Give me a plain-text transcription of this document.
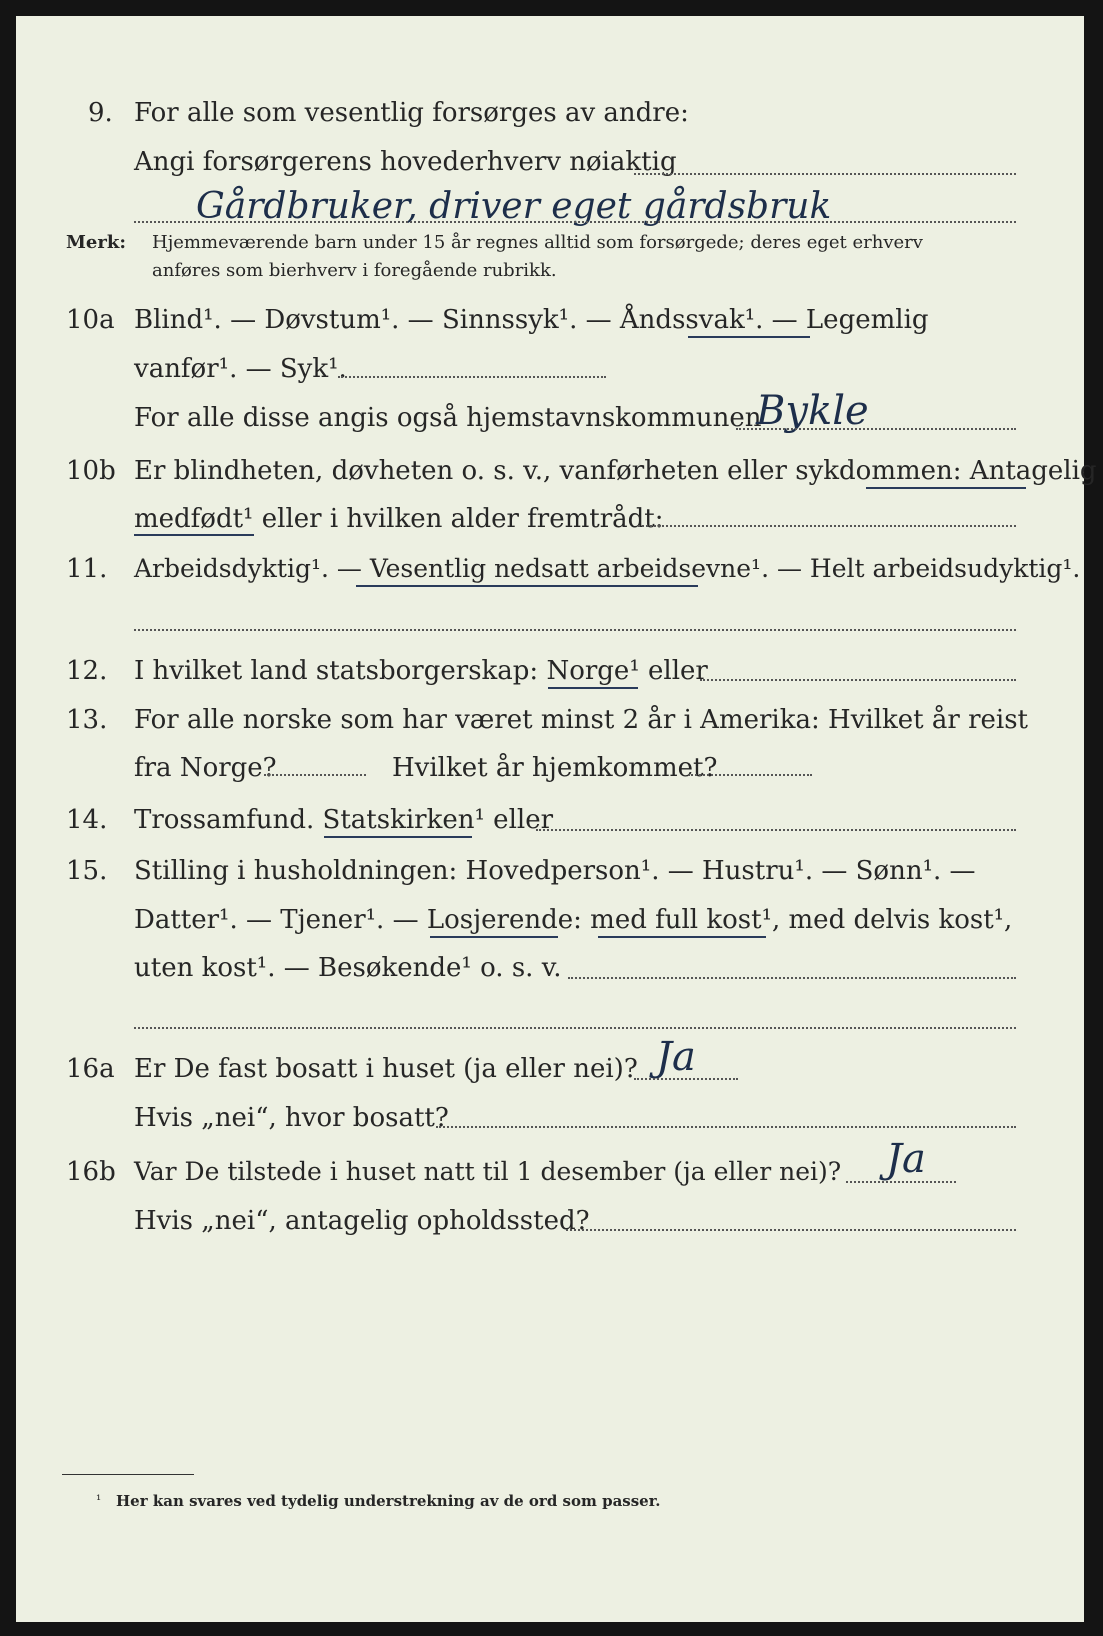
9. For alle som vesentlig forsørges av andre:
Angi forsørgerens hovederhverv nøiaktig
Gårdbruker, driver eget gårdsbruk
Merk: Hjemmeværende barn under 15 år regnes alltid som forsørgede; deres eget erhverv
anføres som bierhverv i foregående rubrikk.
10a Blind¹. — Døvstum¹. — Sinnssyk¹. — Åndssvak¹. — Legemlig
vanfør¹. — Syk¹.
For alle disse angis også hjemstavnskommunen
Bykle
10b Er blindheten, døvheten o. s. v., vanførheten eller sykdommen: Antagelig
medfødt¹ eller i hvilken alder fremtrådt:
11. Arbeidsdyktig¹. — Vesentlig nedsatt arbeidsevne¹. — Helt arbeidsudyktig¹.
12. I hvilket land statsborgerskap: Norge¹ eller
13. For alle norske som har været minst 2 år i Amerika: Hvilket år reist
fra Norge?	Hvilket år hjemkommet?
14. Trossamfund. Statskirken¹ eller
15. Stilling i husholdningen: Hovedperson¹. — Hustru¹. — Sønn¹. —
Datter¹. — Tjener¹. — Losjerende: med full kost¹, med delvis kost¹,
uten kost¹. — Besøkende¹ o. s. v.
16a Er De fast bosatt i huset (ja eller nei)? Ja
Hvis „nei“, hvor bosatt?
16b Var De tilstede i huset natt til 1 desember (ja eller nei)? Ja
Hvis „nei“, antagelig opholdssted?
¹ Her kan svares ved tydelig understrekning av de ord som passer.
